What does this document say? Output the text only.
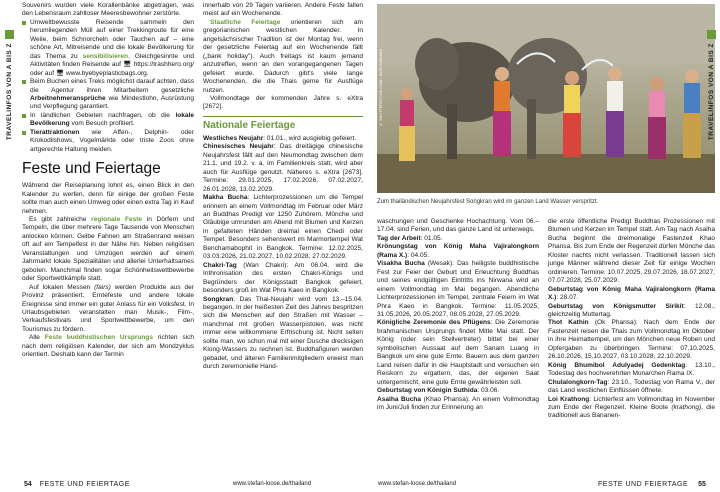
TRAVELINFOS VON A BIS Z

Souvenirs wurden viele Korallenbänke abgetragen, was den Lebensraum zahlloser Meeresbewohner zerstörte.

Umweltbewusste Reisende sammeln den herumliegenden Müll auf einer Trekkingroute für eine Weile, beim Schnorcheln oder Tauchen auf – eine schöne Art, Mitreisende und die lokale Bevölkerung für das Thema zu sensibilisieren. Gleichgesinnte und Aktivitäten finden Reisende auf 🖥 https://trashhero.org/ oder auf 🖥 www.byebyeplasticbags.org.
Beim Buchen eines Treks möglichst darauf achten, dass die Agentur ihren Mitarbeitern gesetzliche Arbeitnehmeransprüche wie Mindestlohn, Ausrüstung und Verpflegung garantiert.
In ländlichen Gebieten nachfragen, ob die lokale Bevölkerung vom Besuch profitiert.
Tierattraktionen wie Affen-, Delphin- oder Krokodilshows, Vogelmärkte oder triste Zoos ohne artgerechte Haltung meiden.
Feste und Feiertage

Während der Reiseplanung lohnt es, einen Blick in den Kalender zu werfen, denn für einige der großen Feste sollte man auch einen Umweg oder einen extra Tag in Kauf nehmen.

Es gibt zahlreiche regionale Feste in Dörfern und Tempeln, die über mehrere Tage Tausende von Menschen anlocken können. Gelbe Fahnen am Straßenrand weisen oft auf ein Tempelfest in der Nähe hin. Neben religiösen Veranstaltungen und Umzügen werden auf einem Jahrmarkt lokale Spezialitäten und allerlei Unterhaltsames geboten. Manchmal finden sogar Schönheitswettbewerbe oder Sportwettkämpfe statt.

Auf lokalen Messen (fairs) werden Produkte aus der Provinz präsentiert. Erntefeste und andere lokale Ereignisse sind immer ein guter Anlass für ein Volksfest. In Urlaubsgebieten veranstalten man Musik-, Film-, Verkaufsfestivals und Sportwettbewerbe, um den Tourismus zu fördern.

Alle Feste buddhistischen Ursprungs richten sich nach dem religiösen Kalender, der sich am Mondzyklus orientiert. Deshalb kann der Termin

innerhalb von 29 Tagen variieren. Andere Feste fallen meist auf ein Wochenende.

Staatliche Feiertage orientieren sich am gregorianischen westlichen Kalender. In angelsächsischer Tradition ist der Montag frei, wenn der gesetzliche Feiertag auf ein Wochenende fällt („bank holiday"). Auch freitags ist kaum jemand anzutreffen, wenn an den vorangegangenen Tagen gefeiert wurde. Dadurch gibt's viele lange Wochenenden, die die Thais gerne für Ausflüge nutzen.

Vollmondtage der kommenden Jahre s. eXtra [2672].

Nationale Feiertage

Westliches Neujahr: 01.01., wird ausgiebig gefeiert.

Chinesisches Neujahr: Das dreitägige chinesische Neujahrsfest fällt auf den Neumondtag zwischen dem 21.1. und 19.2. v. a. im Familienkreis statt, wird aber auch für Ausflüge genutzt. Näheres s. eXtra [2673]. Termine: 29.01.2025, 17.02.2026, 07.02.2027, 26.01.2028, 13.02.2029.

Makha Bucha: Lichterprozessionen um die Tempel erinnern an einem Vollmondtag im Februar oder März an Buddhas Predigt vor 1250 Zuhörern. Mönche und Gläubige umrunden am Abend mit Blumen und Kerzen in gefalteten Händen dreimal einen Chedi oder Tempel. Besonders sehenswert im Marmortempel Wat Benchamabophit in Bangkok. Termine: 12.02.2025, 03.03.2026, 21.02.2027, 10.02.2028, 27.02.2029.

Chakri-Tag (Wan Chakri): Am 06.04. wird die Inthronisation des ersten Chakri-Königs und Begründers der Königsstadt Bangkok gefeiert, besonders groß im Wat Phra Kaeo in Bangkok.

Songkran: Das Thai-Neujahr wird vom 13.–15.04. begangen. In der heißesten Zeit des Jahres bespritzen sich die Menschen auf den Straßen mit Wasser – manchmal mit großen Wasserpistolen, was nicht immer eine willkommene Erfrischung ist. Nicht selten sollte man, wo schon mal mit einer Dusche drecksigen Klong-Wassers zu rechnen ist. Buddhafiguren werden gebadet, und älteren Familienmitgliedern erweist man durch zeremonielle Hand-

© SHUTTERSTOCK.COM / JACKYBANANA
Zum thailändischen Neujahrsfest Songkran wird im ganzen Land Wasser verspritzt.

waschungen und Geschenke Hochachtung. Vom 06.–17.04. sind Ferien, und das ganze Land ist unterwegs.

Tag der Arbeit: 01.05.

Krönungstag von König Maha Vajiralongkorn (Rama X.): 04.05.

Visakha Bucha (Wesak): Das heiligste buddhistische Fest zur Feier der Geburt und Erleuchtung Buddhas und seines endgültigen Eintritts ins Nirwana wird an einem Vollmondtag im Mai begangen. Abendliche Lichterprozessionen im Tempel, zentrale Feiern im Wat Phra Kaeo in Bangkok. Termine: 11.05.2025, 31.05.2026, 20.05.2027, 08.05.2028, 27.05.2029.

Königliche Zeremonie des Pflügens: Die Zeremonie brahmanischen Ursprungs findet Mitte Mai statt. Der König (oder sein Stellvertreter) bittet bei einer symbolischen Aussaat auf dem Sanam Luang in Bangkok um eine gute Ernte. Bauern aus dem ganzen Land reisen dafür in die Hauptstadt und versuchen ein Reiskorn zu ergattern, das, der eigenen Saat untergemischt, eine gute Ernte gewährleisten soll.

Geburtstag von Königin Suthida: 03.06.

Asalha Bucha (Khao Phansa): An einem Vollmondtag im Juni/Juli finden zur Erinnerung an

die erste öffentliche Predigt Buddhas Prozessionen mit Blumen und Kerzen im Tempel statt. Am Tag nach Asalha Bucha beginnt die dreimonatige Fastenzeit Khao Phansa. Bis zum Ende der Regenzeit dürfen Mönche das Kloster nachts nicht verlassen. Traditionell lassen sich junge Männer während dieser Zeit für einige Wochen ordinieren. Termine: 10.07.2025, 29.07.2026, 18.07.2027, 07.07.2028, 25.07.2029.

Geburtstag von König Maha Vajiralongkorn (Rama X.): 28.07.

Geburtstag von Königsmutter Sirikit: 12.08., gleichzeitig Muttertag.

Thot Kathin (Ok Phansa): Nach dem Ende der Fastenzeit reisen die Thais zum Vollmondtag im Oktober in ihre Heimattempel, um den Mönchen neue Roben und Opfergaben zu überbringen. Termine: 07.10.2025, 26.10.2026, 15.10.2027, 03.10.2028, 22.10.2029.

König Bhumibol Adulyadej Gedenktag: 13.10., Todestag des hochverehrten Monarchen Rama IX.

Chulalongkorn-Tag: 23.10., Todestag von Rama V., der das Land westlichen Einflüssen öffnete.

Loi Krathong: Lichterfest am Vollmondtag im November zum Ende der Regenzeit. Kleine Boote (krathong), die traditionell aus Bananen-

TRAVELINFOS VON A BIS Z
54 FESTE UND FEIERTAGE	www.stefan-loose.de/thailand	www.stefan-loose.de/thailand	FESTE UND FEIERTAGE 55
